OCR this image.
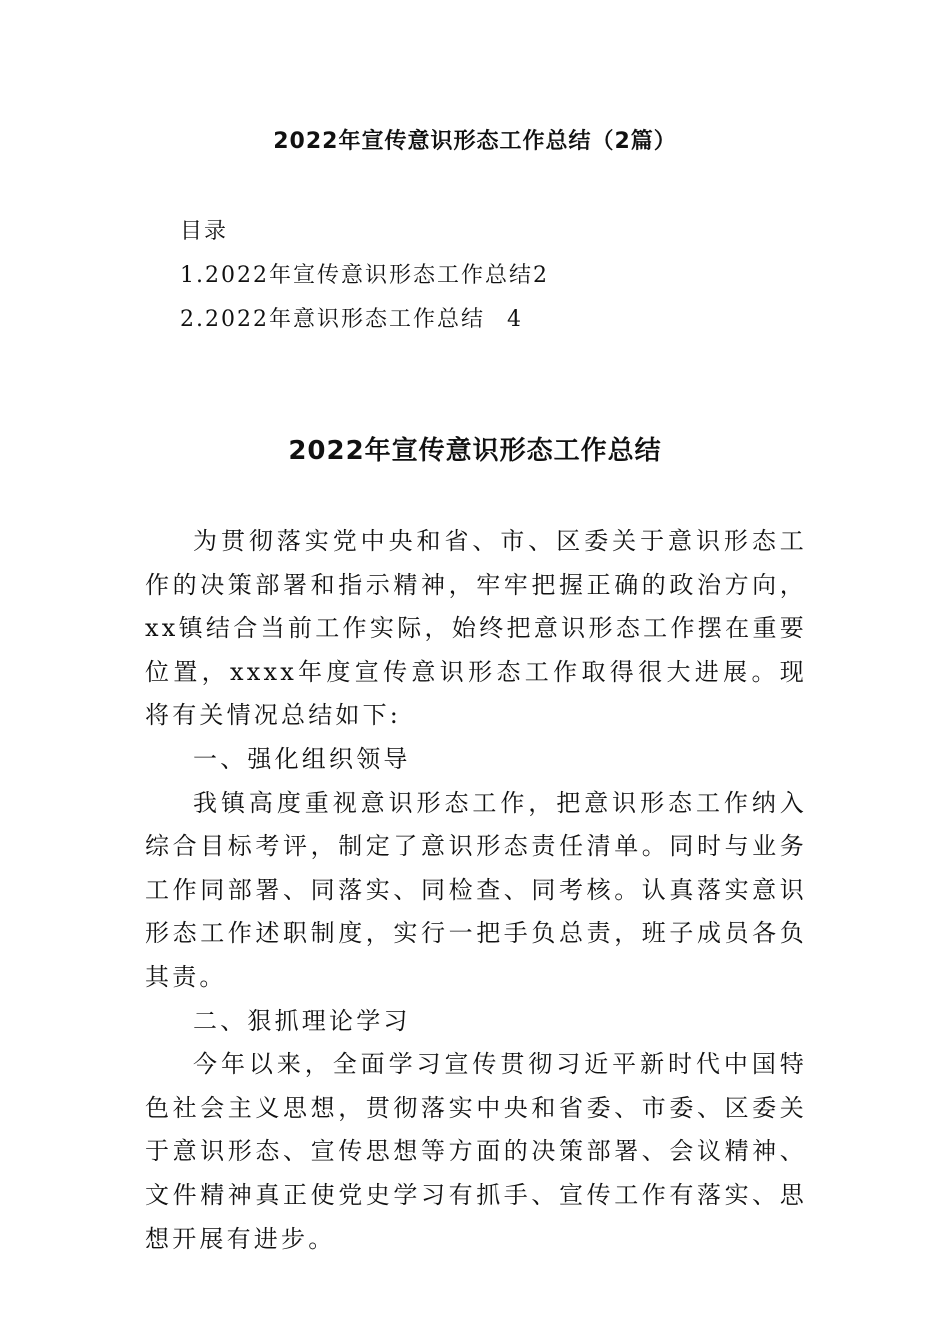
2022年宣传意识形态工作总结（2篇）
目录
1.2022年宣传意识形态工作总结2
2.2022年意识形态工作总结 4
2022年宣传意识形态工作总结

为贯彻落实党中央和省、市、区委关于意识形态工作的决策部署和指示精神，牢牢把握正确的政治方向，xx镇结合当前工作实际，始终把意识形态工作摆在重要位置，xxxx年度宣传意识形态工作取得很大进展。现将有关情况总结如下:

一、强化组织领导

我镇高度重视意识形态工作，把意识形态工作纳入综合目标考评，制定了意识形态责任清单。同时与业务工作同部署、同落实、同检查、同考核。认真落实意识形态工作述职制度，实行一把手负总责，班子成员各负其责。

二、狠抓理论学习

今年以来，全面学习宣传贯彻习近平新时代中国特色社会主义思想，贯彻落实中央和省委、市委、区委关于意识形态、宣传思想等方面的决策部署、会议精神、文件精神真正使党史学习有抓手、宣传工作有落实、思想开展有进步。
